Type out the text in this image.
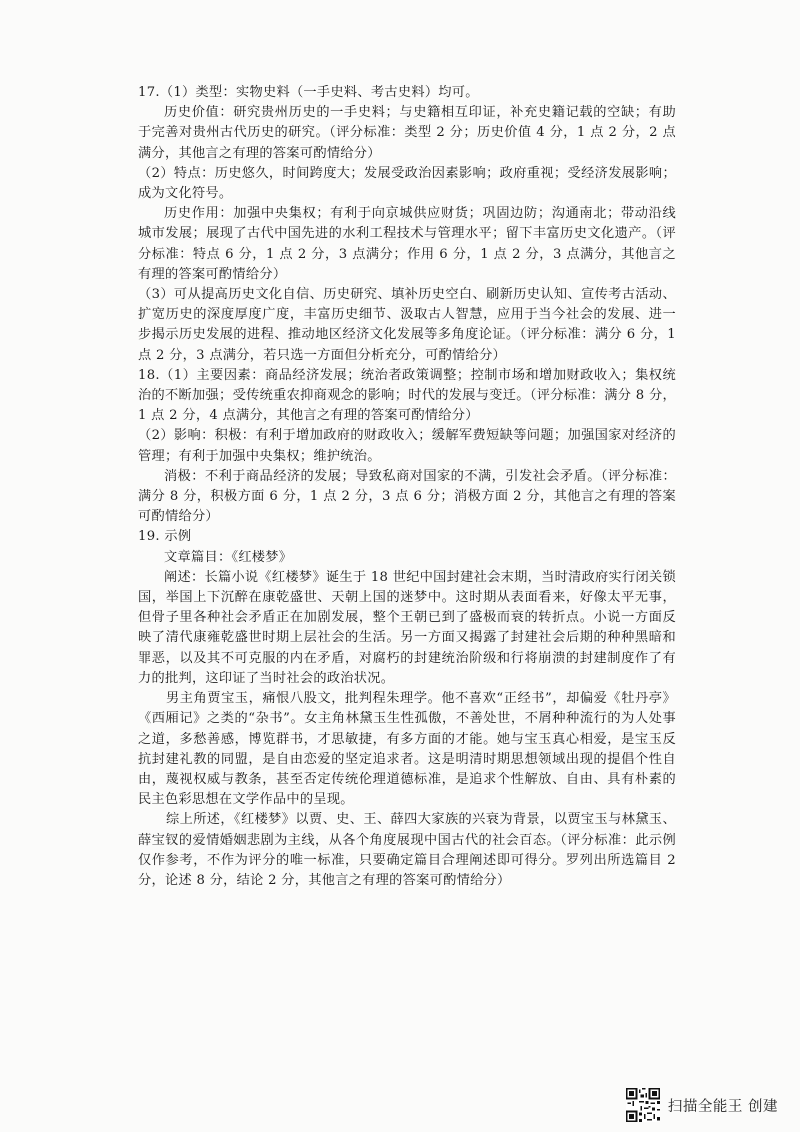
17.（1）类型：实物史料（一手史料、考古史料）均可。

历史价值：研究贵州历史的一手史料；与史籍相互印证，补充史籍记载的空缺；有助于完善对贵州古代历史的研究。（评分标准：类型 2 分；历史价值 4 分，1 点 2 分，2 点满分，其他言之有理的答案可酌情给分）

（2）特点：历史悠久，时间跨度大；发展受政治因素影响；政府重视；受经济发展影响；成为文化符号。

历史作用：加强中央集权；有利于向京城供应财货；巩固边防；沟通南北；带动沿线城市发展；展现了古代中国先进的水利工程技术与管理水平；留下丰富历史文化遗产。（评分标准：特点 6 分，1 点 2 分，3 点满分；作用 6 分，1 点 2 分，3 点满分，其他言之有理的答案可酌情给分）

（3）可从提高历史文化自信、历史研究、填补历史空白、刷新历史认知、宣传考古活动、扩宽历史的深度厚度广度，丰富历史细节、汲取古人智慧，应用于当今社会的发展、进一步揭示历史发展的进程、推动地区经济文化发展等多角度论证。（评分标准：满分 6 分，1 点 2 分，3 点满分，若只选一方面但分析充分，可酌情给分）

18.（1）主要因素：商品经济发展；统治者政策调整；控制市场和增加财政收入；集权统治的不断加强；受传统重农抑商观念的影响；时代的发展与变迁。（评分标准：满分 8 分，1 点 2 分，4 点满分，其他言之有理的答案可酌情给分）

（2）影响：积极：有利于增加政府的财政收入；缓解军费短缺等问题；加强国家对经济的管理；有利于加强中央集权；维护统治。

消极：不利于商品经济的发展；导致私商对国家的不满，引发社会矛盾。（评分标准：满分 8 分，积极方面 6 分，1 点 2 分，3 点 6 分；消极方面 2 分，其他言之有理的答案可酌情给分）

19. 示例

文章篇目：《红楼梦》

阐述：长篇小说《红楼梦》诞生于 18 世纪中国封建社会末期，当时清政府实行闭关锁国，举国上下沉醉在康乾盛世、天朝上国的迷梦中。这时期从表面看来，好像太平无事，但骨子里各种社会矛盾正在加剧发展，整个王朝已到了盛极而衰的转折点。小说一方面反映了清代康雍乾盛世时期上层社会的生活。另一方面又揭露了封建社会后期的种种黑暗和罪恶，以及其不可克服的内在矛盾，对腐朽的封建统治阶级和行将崩溃的封建制度作了有力的批判，这印证了当时社会的政治状况。

男主角贾宝玉，痛恨八股文，批判程朱理学。他不喜欢“正经书”，却偏爱《牡丹亭》《西厢记》之类的“杂书”。女主角林黛玉生性孤傲，不善处世，不屑种种流行的为人处事之道，多愁善感，博览群书，才思敏捷，有多方面的才能。她与宝玉真心相爱，是宝玉反抗封建礼教的同盟，是自由恋爱的坚定追求者。这是明清时期思想领域出现的提倡个性自由，蔑视权威与教条，甚至否定传统伦理道德标准，是追求个性解放、自由、具有朴素的民主色彩思想在文学作品中的呈现。

综上所述，《红楼梦》以贾、史、王、薛四大家族的兴衰为背景，以贾宝玉与林黛玉、薛宝钗的爱情婚姻悲剧为主线，从各个角度展现中国古代的社会百态。（评分标准：此示例仅作参考，不作为评分的唯一标准，只要确定篇目合理阐述即可得分。罗列出所选篇目 2 分，论述 8 分，结论 2 分，其他言之有理的答案可酌情给分）

扫描全能王 创建
